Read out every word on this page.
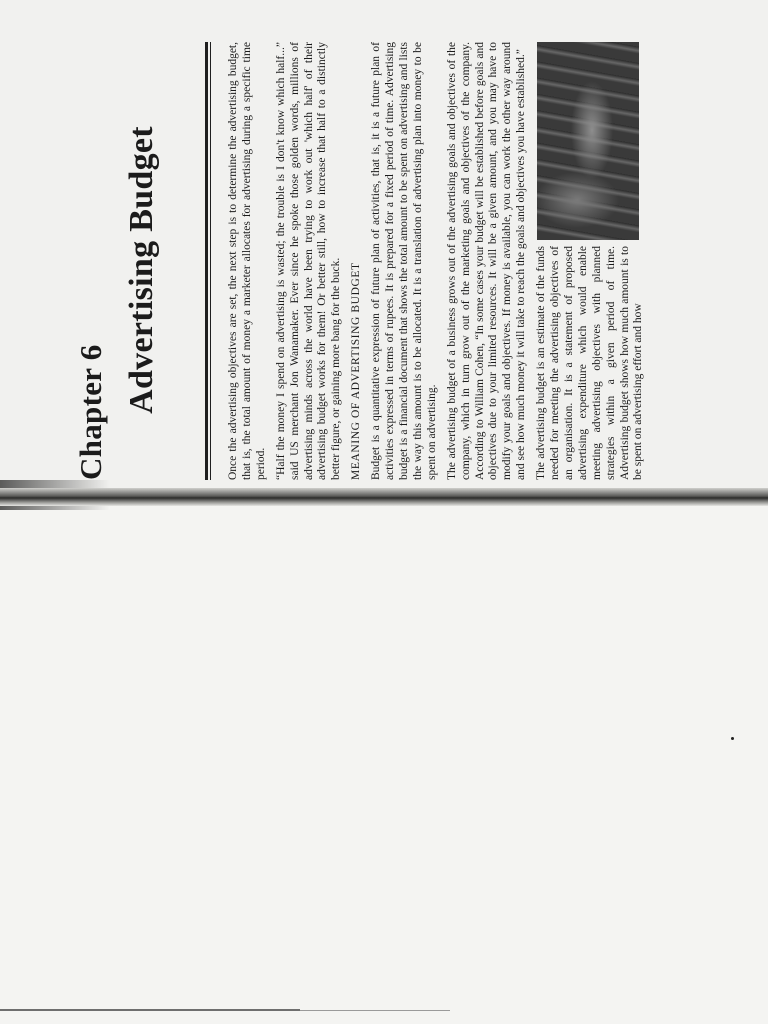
Chapter 6 Advertising Budget	Once the advertising objectives are set, the next step is to determine the advertising budget, that is, the total amount of money a marketer allocates for advertising during a specific time period. “Half the money I spend on advertising is wasted; the trouble is I don't know which half...” said US merchant Jon Wanamaker. Ever since he spoke those golden words, millions of advertising minds across the world have been trying to work out 'which half' of their advertising budget works for them! Or better still, how to increase that half to a distinctly better figure, or gaining more bang for the buck. MEANING OF ADVERTISING BUDGET Budget is a quantitative expression of future plan of activities, that is, it is a future plan of activities expressed in terms of rupees. It is prepared for a fixed period of time. Advertising budget is a financial document that shows the total amount to be spent on advertising and lists the way this amount is to be allocated. It is a translation of advertising plan into money to be spent on advertising. The advertising budget of a business grows out of the advertising goals and objectives of the company, which in turn grow out of the marketing goals and objectives of the company. According to William Cohen, “In some cases your budget will be established before goals and objectives due to your limited resources. It will be a given amount, and you may have to modify your goals and objectives. If money is available, you can work the other way around and see how much money it will take to reach the goals and objectives you have established.” The advertising budget is an estimate of the funds needed for meeting the advertising objectives of an organisation. It is a statement of proposed advertising expenditure which would enable meeting advertising objectives with planned strategies within a given period of time. Advertising budget shows how much amount is to be spent on advertising effort and how
